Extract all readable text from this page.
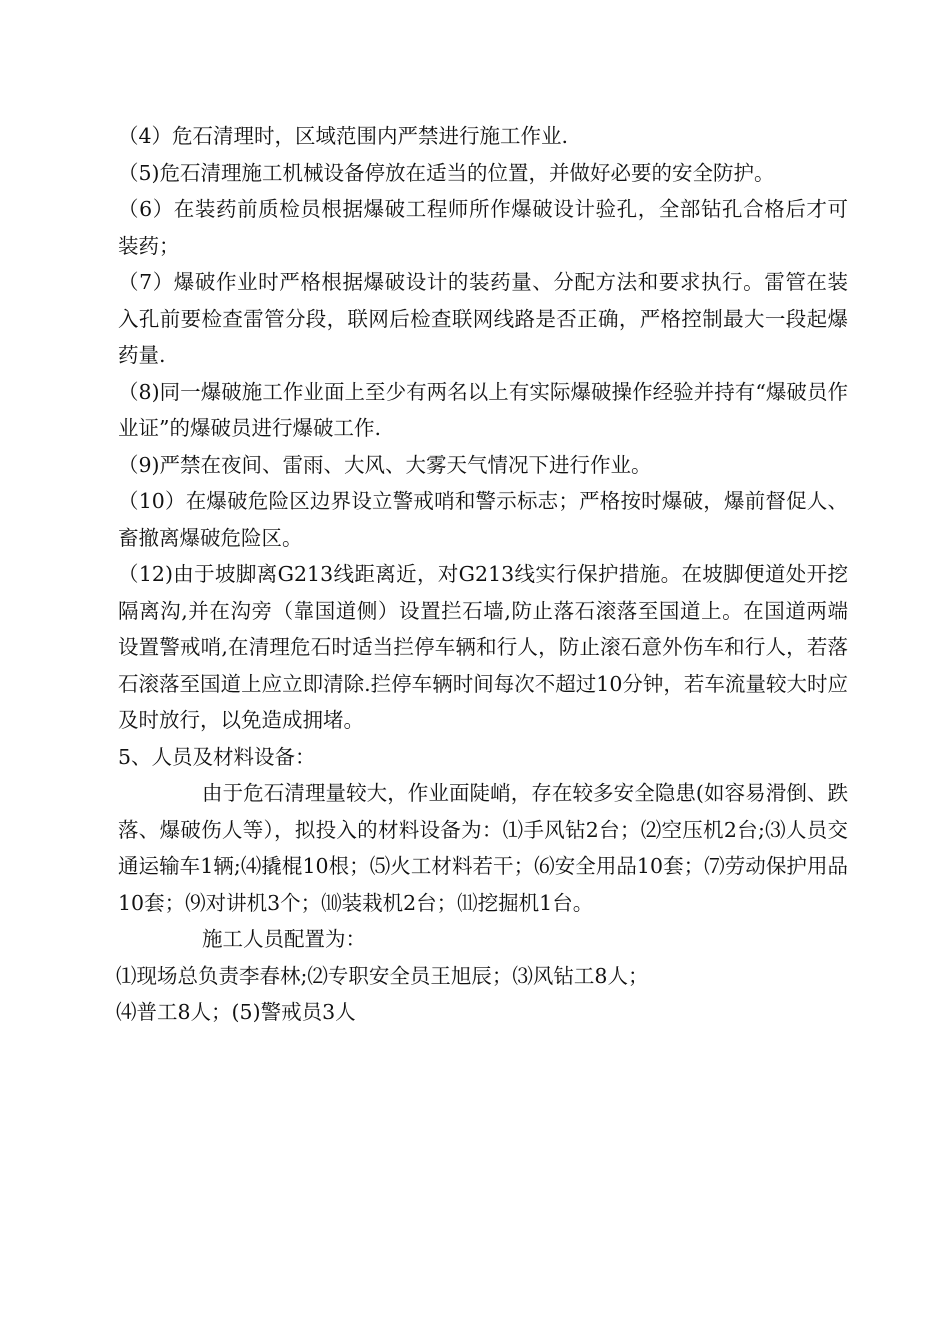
（4）危石清理时，区域范围内严禁进行施工作业.

（5)危石清理施工机械设备停放在适当的位置，并做好必要的安全防护。

（6）在装药前质检员根据爆破工程师所作爆破设计验孔，全部钻孔合格后才可装药；

（7）爆破作业时严格根据爆破设计的装药量、分配方法和要求执行。雷管在装入孔前要检查雷管分段，联网后检查联网线路是否正确，严格控制最大一段起爆药量.

（8)同一爆破施工作业面上至少有两名以上有实际爆破操作经验并持有“爆破员作业证”的爆破员进行爆破工作.

（9)严禁在夜间、雷雨、大风、大雾天气情况下进行作业。

（10）在爆破危险区边界设立警戒哨和警示标志；严格按时爆破，爆前督促人、畜撤离爆破危险区。

（12)由于坡脚离G213线距离近，对G213线实行保护措施。在坡脚便道处开挖隔离沟,并在沟旁（靠国道侧）设置拦石墙,防止落石滚落至国道上。在国道两端设置警戒哨,在清理危石时适当拦停车辆和行人，防止滚石意外伤车和行人，若落石滚落至国道上应立即清除.拦停车辆时间每次不超过10分钟，若车流量较大时应及时放行，以免造成拥堵。

5、人员及材料设备：

由于危石清理量较大，作业面陡峭，存在较多安全隐患(如容易滑倒、跌落、爆破伤人等），拟投入的材料设备为：⑴手风钻2台；⑵空压机2台;⑶人员交通运输车1辆;⑷撬棍10根；⑸火工材料若干；⑹安全用品10套；⑺劳动保护用品10套；⑼对讲机3个；⑽装栽机2台；⑾挖掘机1台。

施工人员配置为：

⑴现场总负责李春林;⑵专职安全员王旭辰；⑶风钻工8人；

⑷普工8人；(5)警戒员3人
